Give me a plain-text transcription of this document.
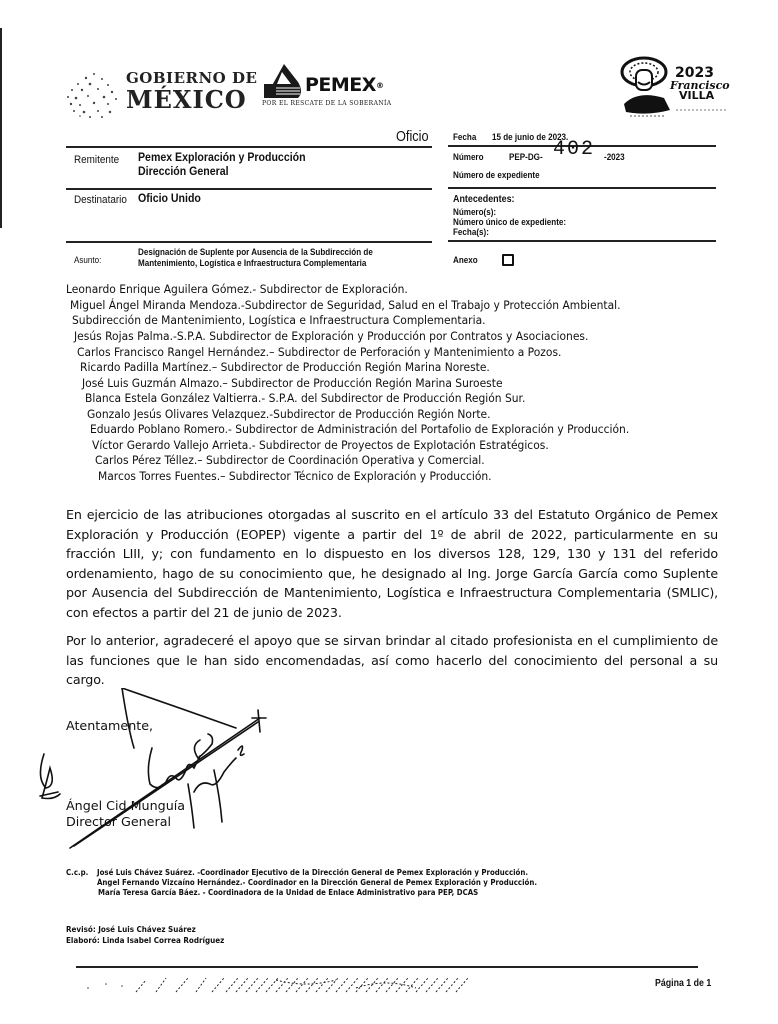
GOBIERNO DE
MÉXICO	PEMEX®
POR EL RESCATE DE LA SOBERANÍA
2023
Francisco
VILLA
Oficio
Remitente Pemex Exploración y Producción
Dirección General
Destinatario Oficio Unido
Asunto:
Designación de Suplente por Ausencia de la Subdirección de
Mantenimiento, Logística e Infraestructura Complementaria
Fecha 15 de junio de 2023.
Número	PEP-DG- 402 -2023
Número de expediente
Antecedentes:
Número(s):
Número único de expediente:
Fecha(s):
Anexo
Leonardo Enrique Aguilera Gómez.- Subdirector de Exploración.
Miguel Ángel Miranda Mendoza.-Subdirector de Seguridad, Salud en el Trabajo y Protección Ambiental.
Subdirección de Mantenimiento, Logística e Infraestructura Complementaria.
Jesús Rojas Palma.-S.P.A. Subdirector de Exploración y Producción por Contratos y Asociaciones.
Carlos Francisco Rangel Hernández.– Subdirector de Perforación y Mantenimiento a Pozos.
Ricardo Padilla Martínez.– Subdirector de Producción Región Marina Noreste.
José Luis Guzmán Almazo.– Subdirector de Producción Región Marina Suroeste
Blanca Estela González Valtierra.- S.P.A. del Subdirector de Producción Región Sur.
Gonzalo Jesús Olivares Velazquez.-Subdirector de Producción Región Norte.
Eduardo Poblano Romero.- Subdirector de Administración del Portafolio de Exploración y Producción.
Víctor Gerardo Vallejo Arrieta.- Subdirector de Proyectos de Explotación Estratégicos.
Carlos Pérez Téllez.– Subdirector de Coordinación Operativa y Comercial.
Marcos Torres Fuentes.– Subdirector Técnico de Exploración y Producción.
En ejercicio de las atribuciones otorgadas al suscrito en el artículo 33 del Estatuto Orgánico de Pemex Exploración y Producción (EOPEP) vigente a partir del 1º de abril de 2022, particularmente en su fracción LIII, y; con fundamento en lo dispuesto en los diversos 128, 129, 130 y 131 del referido ordenamiento, hago de su conocimiento que, he designado al Ing. Jorge García García como Suplente por Ausencia del Subdirección de Mantenimiento, Logística e Infraestructura Complementaria (SMLIC), con efectos a partir del 21 de junio de 2023.
Por lo anterior, agradeceré el apoyo que se sirvan brindar al citado profesionista en el cumplimiento de las funciones que le han sido encomendadas, así como hacerlo del conocimiento del personal a su cargo.
Atentamente,
Ángel Cid Munguía
Director General
C.c.p. José Luis Chávez Suárez. -Coordinador Ejecutivo de la Dirección General de Pemex Exploración y Producción.
Ángel Fernando Vizcaíno Hernández.- Coordinador en la Dirección General de Pemex Exploración y Producción.
María Teresa García Báez. - Coordinadora de la Unidad de Enlace Administrativo para PEP, DCAS
Revisó: José Luis Chávez Suárez
Elaboró: Linda Isabel Correa Rodríguez
Página 1 de 1
